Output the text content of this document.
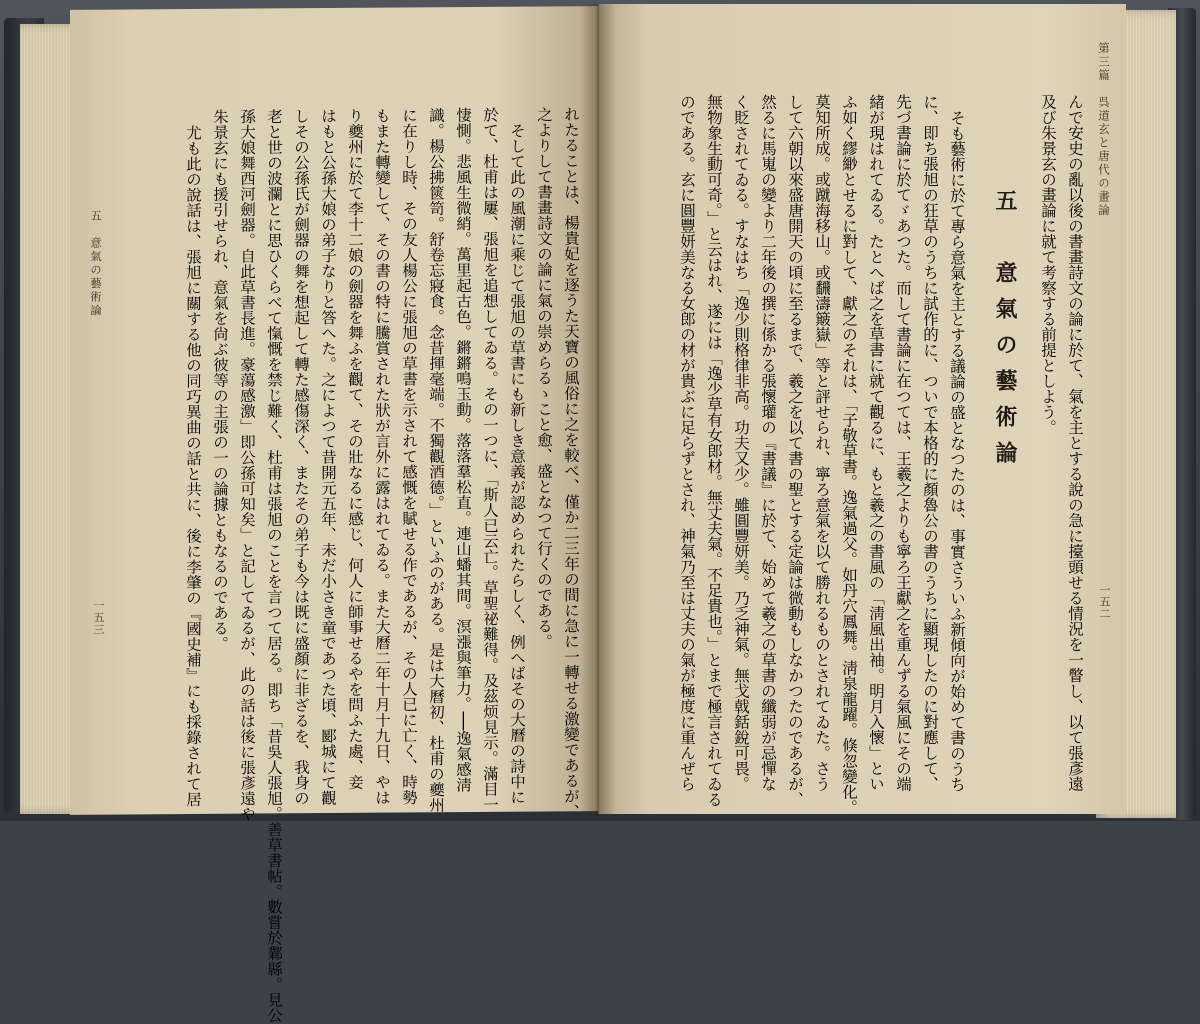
五　意氣の藝術論
一五三	れたることは、楊貴妃を逐うた天寶の風俗に之を較べ、僅か二三年の間に急に一轉せる激變であるが、
之よりして書畫詩文の論に氣の崇めらるゝこと愈、盛となつて行くのである。
そして此の風潮に乘じて張旭の草書にも新しき意義が認められたらしく、例へばその大曆の詩中に
於て、杜甫は屢、張旭を追想してゐる。その一つに、「斯人已云亡。草聖祕難得。及茲烦見示。滿目一
悽惻。悲風生微綃。萬里起古色。鏘鏘鳴玉動。落落羣松直。連山蟠其間。溟漲與筆力。──逸氣感淸
識。楊公拂篋笥。舒卷忘寢食。念昔揮毫端。不獨觀酒德。」といふのがある。是は大曆初、杜甫の夔州
に在りし時、その友人楊公に張旭の草書を示されて感慨を賦せる作であるが、その人已に亡く、時勢
もまた轉變して、その書の特に騰賞された狀が言外に露はれてゐる。また大曆二年十月十九日、やは
り夔州に於て李十二娘の劍器を舞ふを觀て、その壯なるに感じ、何人に師事せるやを問ふた處、妾
はもと公孫大娘の弟子なりと答へた。之によつて昔開元五年、未だ小さき童であつた頃、郾城にて觀
しその公孫氏が劍器の舞を想起して轉た感傷深く、またその弟子も今は既に盛顏に非ざるを、我身の
老と世の波瀾とに思ひくらべて愾慨を禁じ難く、杜甫は張旭のことを言つて居る。即ち「昔吳人張旭。善草書帖。數嘗於鄴縣。見公
孫大娘舞西河劍器。自此草書長進。豪蕩感激」即公孫可知矣」と記してゐるが、此の話は後に張彥遠や
朱景玄にも援引せられ、意氣を尙ぶ彼等の主張の一の論據ともなるのである。
尤も此の說話は、張旭に關する他の同巧異曲の話と共に、後に李肇の『國史補』にも採錄されて居	第三篇　呉道玄と唐代の畫論
一五二
んで安史の亂以後の書畫詩文の論に於て、氣を主とする說の急に擡頭せる情況を一瞥し、以て張彥遠
及び朱景玄の畫論に就て考察する前提としよう。
五　意氣の藝術論
そも藝術に於て專ら意氣を主とする議論の盛となつたのは、事實さういふ新傾向が始めて書のうち
に、即ち張旭の狂草のうちに試作的に、ついで本格的に顏魯公の書のうちに顯現したのに對應して、
先づ書論に於てゞあつた。而して書論に在つては、王羲之よりも寧ろ王獻之を重んずる氣風にその端
緒が現はれてゐる。たとへば之を草書に就て觀るに、もと羲之の書風の「淸風出袖。明月入懷」とい
ふ如く繆緲とせるに對して、獻之のそれは、「子敬草書。逸氣過父。如丹穴鳳舞。淸泉龍躍。倏忽變化。
莫知所成。或蹴海移山。或飜濤簸嶽」等と評せられ、寧ろ意氣を以て勝れるものとされてゐた。さう
して六朝以來盛唐開天の頃に至るまで、羲之を以て書の聖とする定論は微動もしなかつたのであるが、
然るに馬嵬の變より二年後の撰に係かる張懷瓘の『書議』に於て、始めて羲之の草書の纖弱が忌憚な
く貶されてゐる。すなはち「逸少則格律非高。功夫又少。雖圓豐妍美。乃乏神氣。無戈戟銛銳可畏。
無物象生動可奇。」と云はれ、遂には「逸少草有女郎材。無丈夫氣。不足貴也。」とまで極言されてゐる
のである。玄に圓豐妍美なる女郎の材が貴ぶに足らずとされ、神氣乃至は丈夫の氣が極度に重んぜら
